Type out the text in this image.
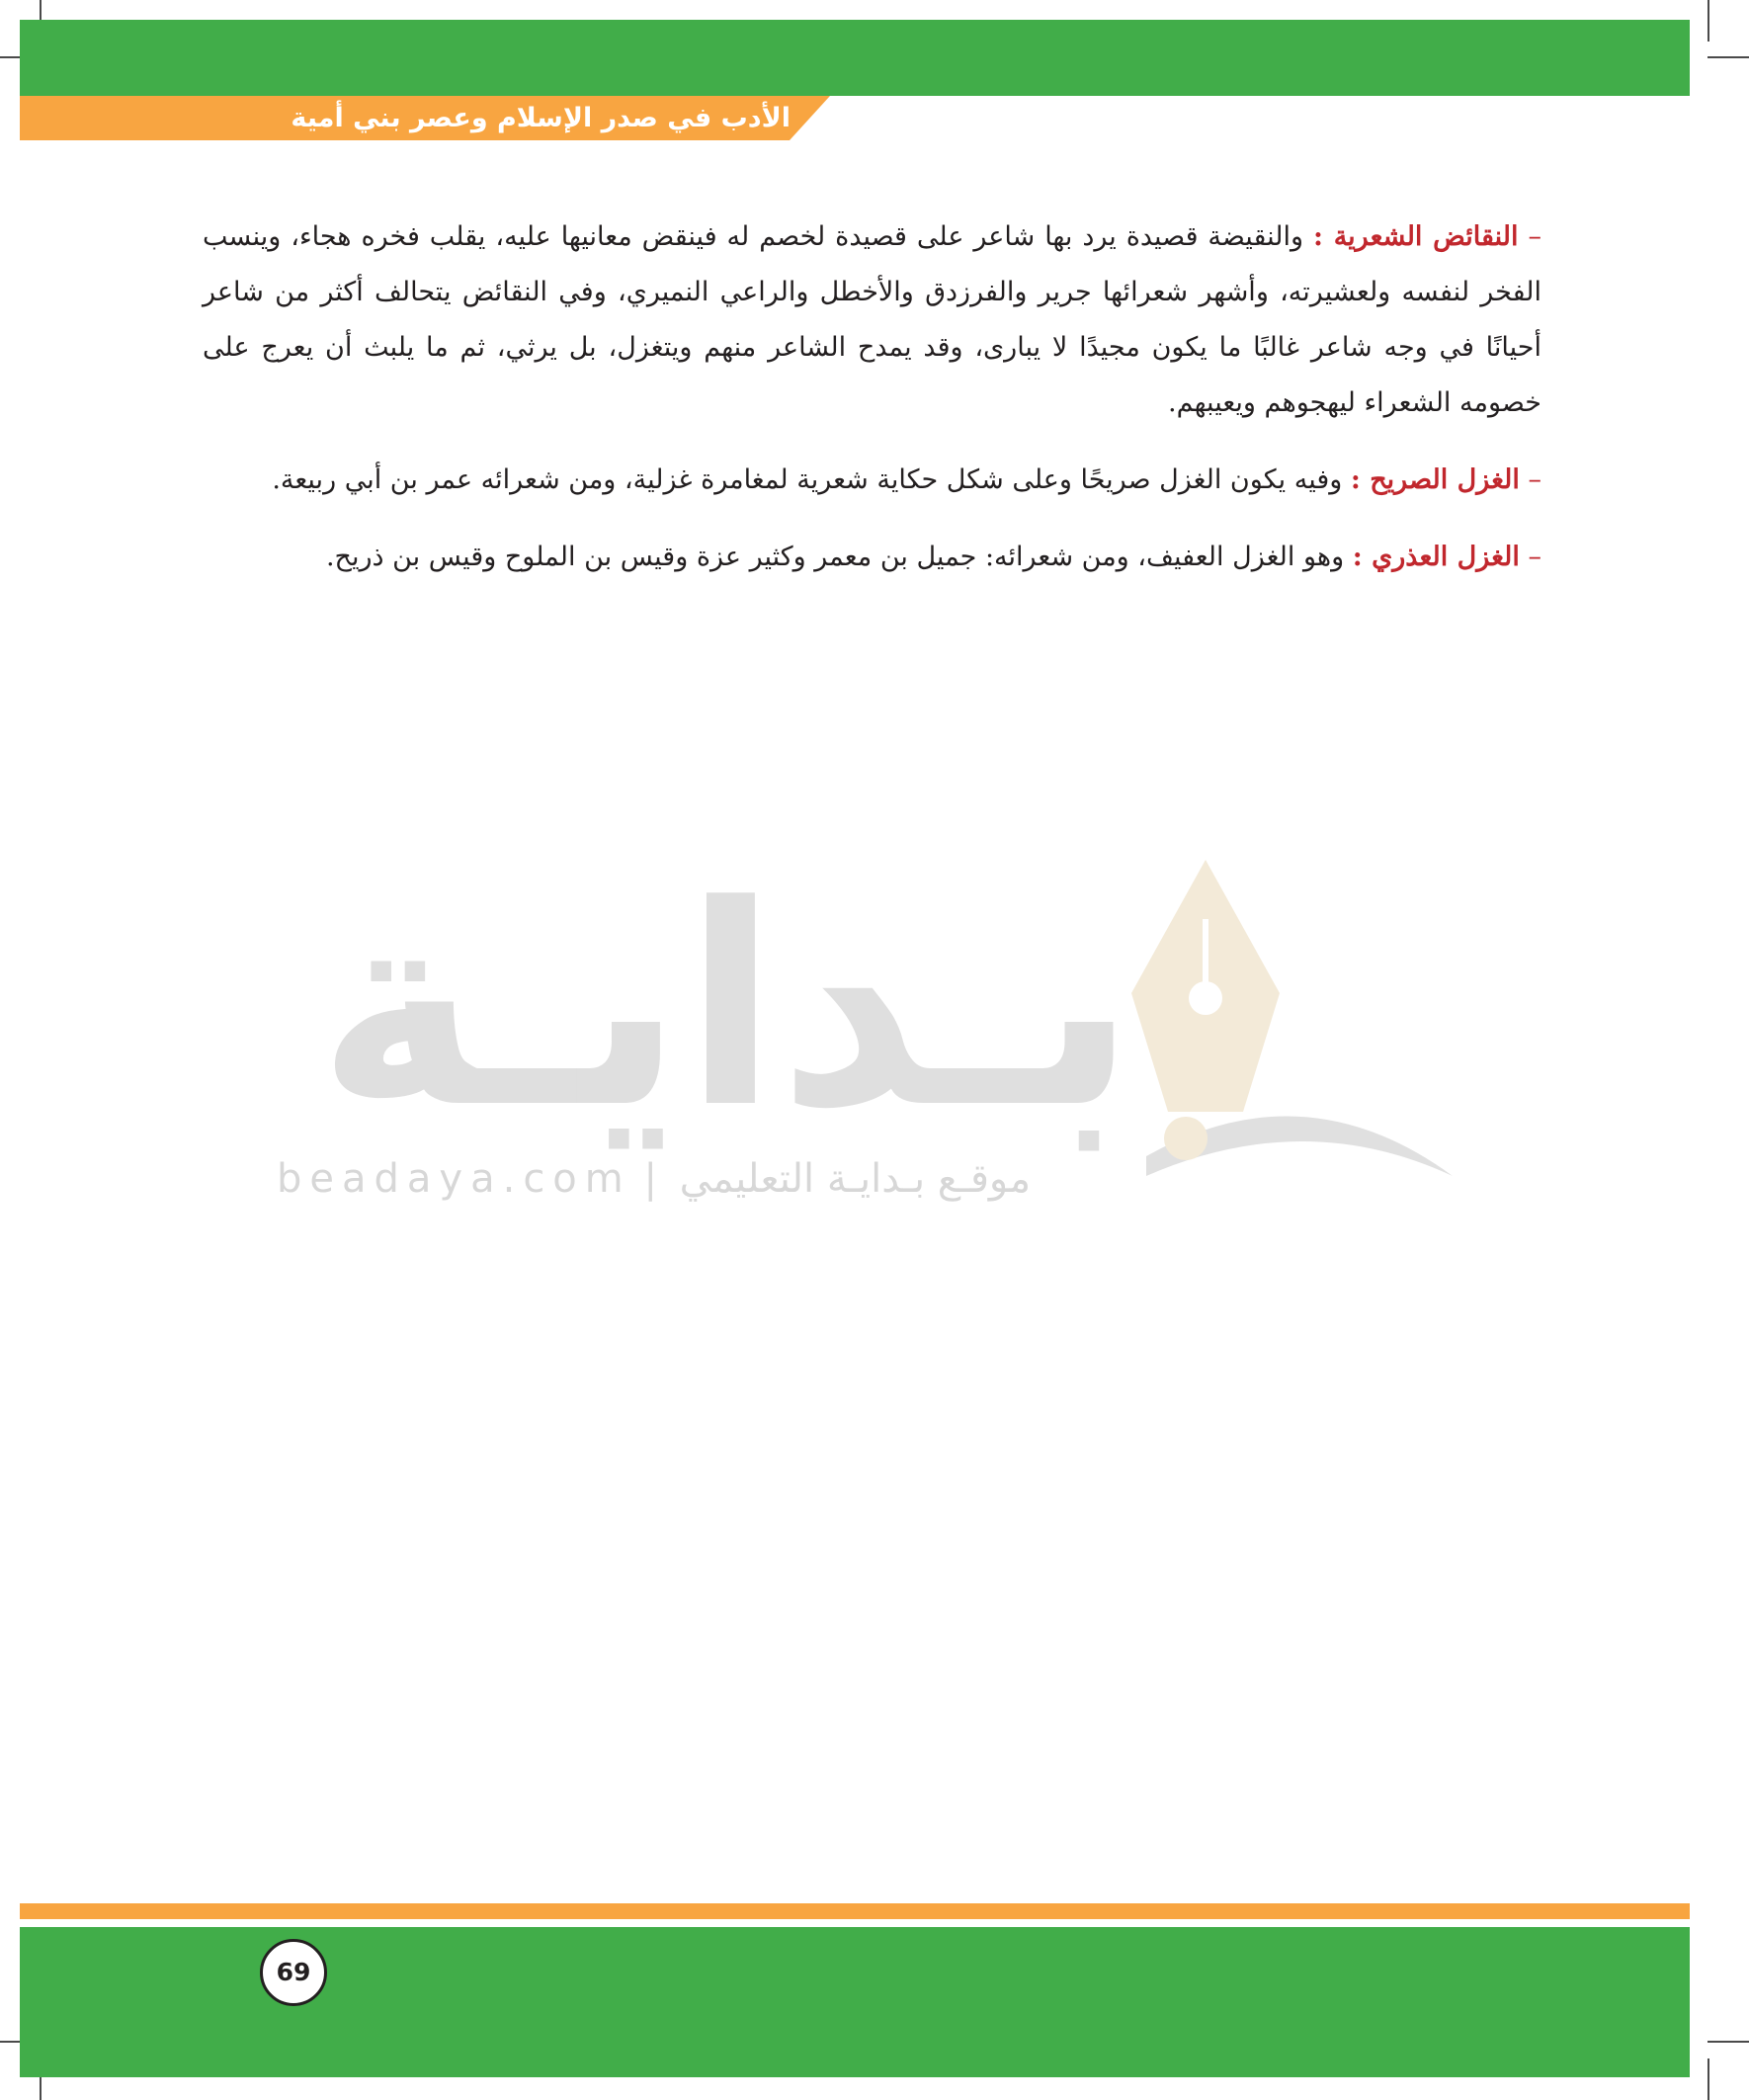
الأدب في صدر الإسلام وعصر بني أمية

– النقائض الشعرية : والنقيضة قصيدة يرد بها شاعر على قصيدة لخصم له فينقض معانيها عليه، يقلب فخره هجاء، وينسب الفخر لنفسه ولعشيرته، وأشهر شعرائها جرير والفرزدق والأخطل والراعي النميري، وفي النقائض يتحالف أكثر من شاعر أحيانًا في وجه شاعر غالبًا ما يكون مجيدًا لا يبارى، وقد يمدح الشاعر منهم ويتغزل، بل يرثي، ثم ما يلبث أن يعرج على خصومه الشعراء ليهجوهم ويعيبهم.

– الغزل الصريح : وفيه يكون الغزل صريحًا وعلى شكل حكاية شعرية لمغامرة غزلية، ومن شعرائه عمر بن أبي ربيعة.

– الغزل العذري : وهو الغزل العفيف، ومن شعرائه: جميل بن معمر وكثير عزة وقيس بن الملوح وقيس بن ذريح.

بـدايـة
beadaya.com | موقـع بـدايـة التعليمي
69
